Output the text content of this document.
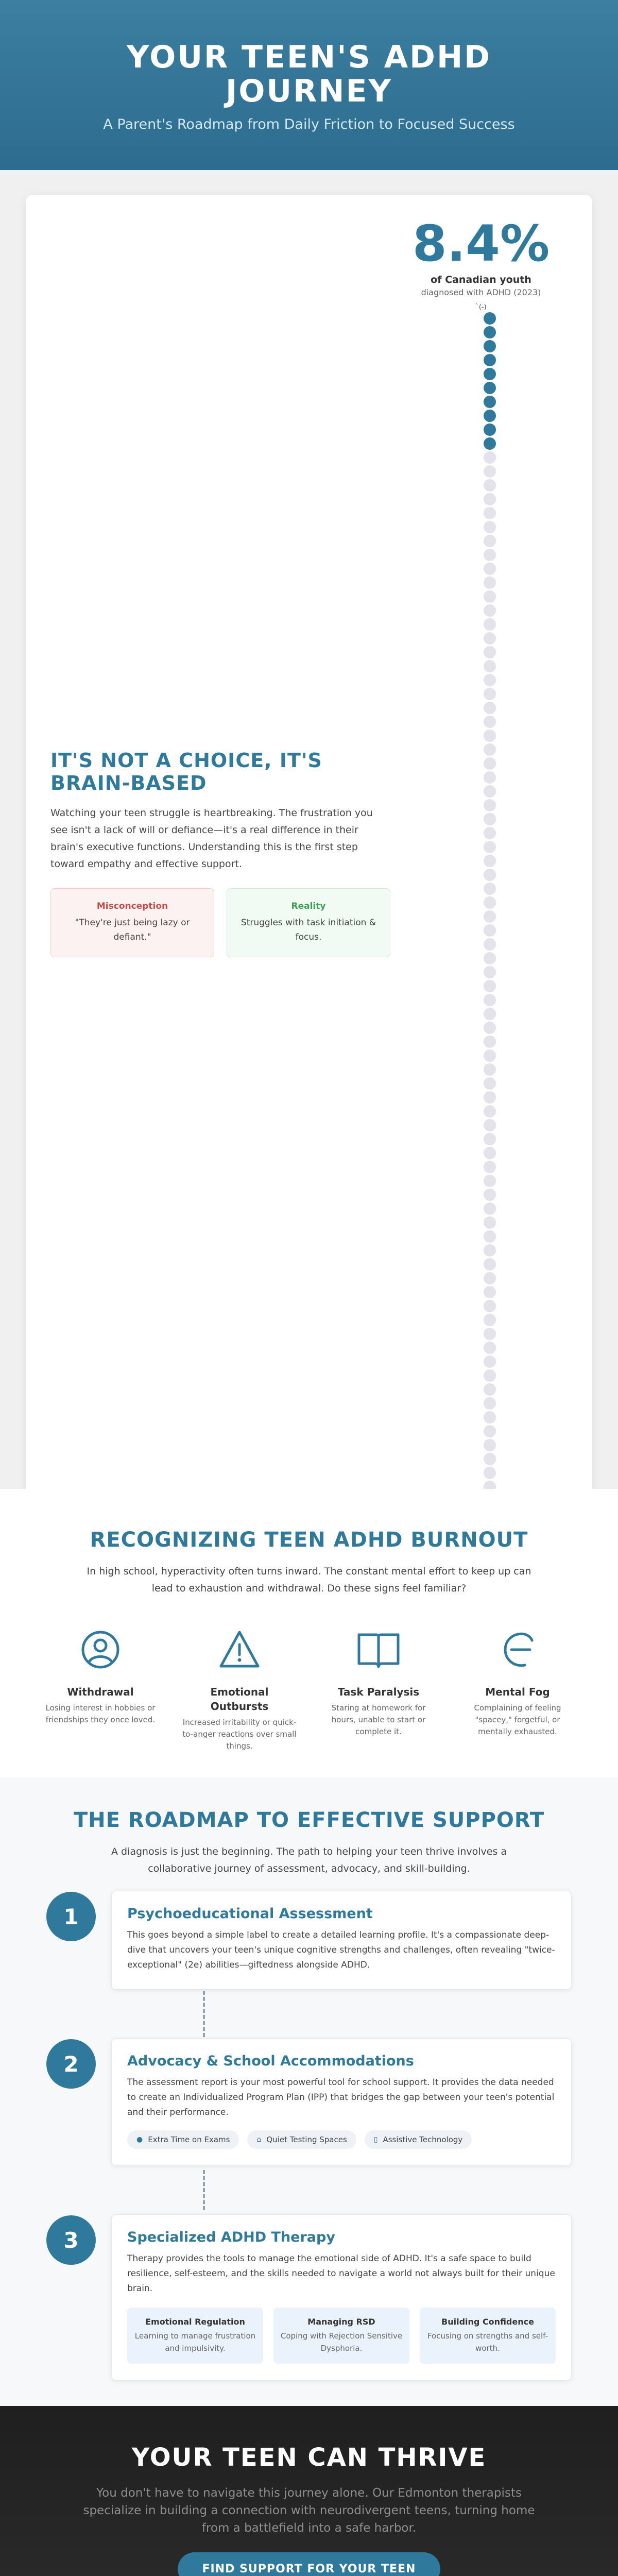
YOUR TEEN'S ADHD JOURNEY

A Parent's Roadmap from Daily Friction to Focused Success

8.4%
of Canadian youth
diagnosed with ADHD (2023)
`(-)
IT'S NOT A CHOICE, IT'S BRAIN-BASED

Watching your teen struggle is heartbreaking. The frustration you see isn't a lack of will or defiance—it's a real difference in their brain's executive functions. Understanding this is the first step toward empathy and effective support.

Misconception
"They're just being lazy or defiant."
Reality
Struggles with task initiation & focus.
RECOGNIZING TEEN ADHD BURNOUT

In high school, hyperactivity often turns inward. The constant mental effort to keep up can lead to exhaustion and withdrawal. Do these signs feel familiar?

Withdrawal
Losing interest in hobbies or friendships they once loved.
Emotional Outbursts
Increased irritability or quick-to-anger reactions over small things.
Task Paralysis
Staring at homework for hours, unable to start or complete it.
Mental Fog
Complaining of feeling "spacey," forgetful, or mentally exhausted.
THE ROADMAP TO EFFECTIVE SUPPORT

A diagnosis is just the beginning. The path to helping your teen thrive involves a collaborative journey of assessment, advocacy, and skill-building.

1	Psychoeducational Assessment

This goes beyond a simple label to create a detailed learning profile. It's a compassionate deep-dive that uncovers your teen's unique cognitive strengths and challenges, often revealing "twice-exceptional" (2e) abilities—giftedness alongside ADHD.

2	Advocacy & School Accommodations

The assessment report is your most powerful tool for school support. It provides the data needed to create an Individualized Program Plan (IPP) that bridges the gap between your teen's potential and their performance.

● Extra Time on Exams	⌂ Quiet Testing Spaces	▯ Assistive Technology
3	Specialized ADHD Therapy

Therapy provides the tools to manage the emotional side of ADHD. It's a safe space to build resilience, self-esteem, and the skills needed to navigate a world not always built for their unique brain.

Emotional Regulation
Learning to manage frustration and impulsivity.
Managing RSD
Coping with Rejection Sensitive Dysphoria.
Building Confidence
Focusing on strengths and self-worth.
YOUR TEEN CAN THRIVE

You don't have to navigate this journey alone. Our Edmonton therapists specialize in building a connection with neurodivergent teens, turning home from a battlefield into a safe harbor.

FIND SUPPORT FOR YOUR TEEN
